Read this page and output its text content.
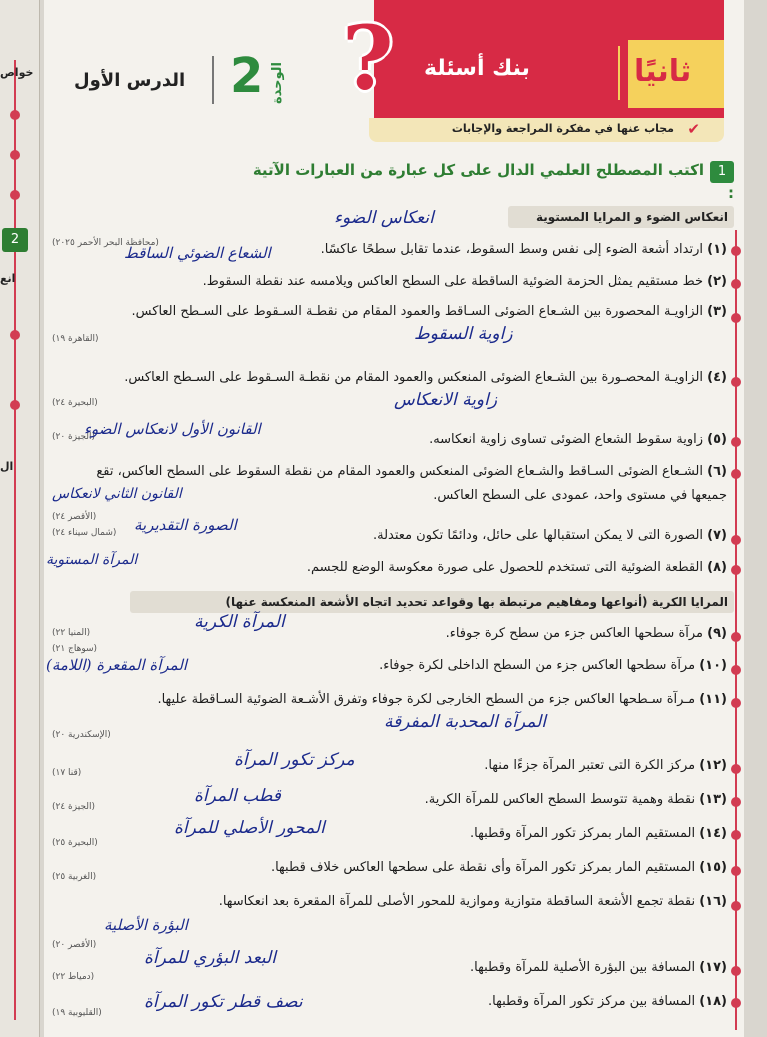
خواص
2
انع
ال
ثانيًا
بنك أسئلة
?
مجاب عنها في مفكرة المراجعة والإجابات ✔
الدرس الأول 2 الوحدة
1اكتب المصطلح العلمي الدال على كل عبارة من العبارات الآتية :
انعكاس الضوء و المرايا المستوية
المرايا الكرية (أنواعها ومفاهيم مرتبطة بها وقواعد تحديد اتجاه الأشعة المنعكسة عنها)
(١) ارتداد أشعة الضوء إلى نفس وسط السقوط، عندما تقابل سطحًا عاكسًا.
(محافظة البحر الأحمر ٢٠٢٥)
انعكاس الضوء
الشعاع الضوئي الساقط
(٢) خط مستقيم يمثل الحزمة الضوئية الساقطة على السطح العاكس ويلامسه عند نقطة السقوط.
(٣) الزاويـة المحصورة بين الشـعاع الضوئى السـاقط والعمود المقام من نقطـة السـقوط على السـطح العاكس.
(القاهرة ١٩)	زاوية السقوط
(٤) الزاويـة المحصـورة بين الشـعاع الضوئى المنعكس والعمود المقام من نقطـة السـقوط على السـطح العاكس.
(البحيرة ٢٤)	زاوية الانعكاس
(٥) زاوية سقوط الشعاع الضوئى تساوى زاوية انعكاسه.
(الجيزة ٢٠)
القانون الأول لانعكاس الضوء
(٦) الشـعاع الضوئى السـاقط والشـعاع الضوئى المنعكس والعمود المقام من نقطة السقوط على السطح العاكس، تقع جميعها في مستوى واحد، عمودى على السطح العاكس.
(الأقصر ٢٤)
القانون الثاني لانعكاس
(٧) الصورة التى لا يمكن استقبالها على حائل، ودائمًا تكون معتدلة.
(شمال سيناء ٢٤) الصورة التقديرية
(٨) القطعة الضوئية التى تستخدم للحصول على صورة معكوسة الوضع للجسم.
المرآة المستوية
(٩) مرآة سطحها العاكس جزء من سطح كرة جوفاء.
(المنيا ٢٢)
المرآة الكرية
(١٠) مرآة سطحها العاكس جزء من السطح الداخلى لكرة جوفاء.
(سوهاج ٢١)
المرآة المقعرة (اللامة)
(١١) مـرآة سـطحها العاكس جزء من السطح الخارجى لكرة جوفاء وتفرق الأشـعة الضوئية السـاقطة عليها.
(الإسكندرية ٢٠)
المرآة المحدبة المفرقة
(١٢) مركز الكرة التى تعتبر المرآة جزءًا منها.
(قنا ١٧)
مركز تكور المرآة
(١٣) نقطة وهمية تتوسط السطح العاكس للمرآة الكرية.
(الجيزة ٢٤)
قطب المرآة
(١٤) المستقيم المار بمركز تكور المرآة وقطبها.
(البحيرة ٢٥)
المحور الأصلي للمرآة
(١٥) المستقيم المار بمركز تكور المرآة وأى نقطة على سطحها العاكس خلاف قطبها.
(الغربية ٢٥)
(١٦) نقطة تجمع الأشعة الساقطة متوازية وموازية للمحور الأصلى للمرآة المقعرة بعد انعكاسها.
(الأقصر ٢٠)
البؤرة الأصلية
(١٧) المسافة بين البؤرة الأصلية للمرآة وقطبها.
(دمياط ٢٢)
البعد البؤري للمرآة
(١٨) المسافة بين مركز تكور المرآة وقطبها.
(القليوبية ١٩)
نصف قطر تكور المرآة
